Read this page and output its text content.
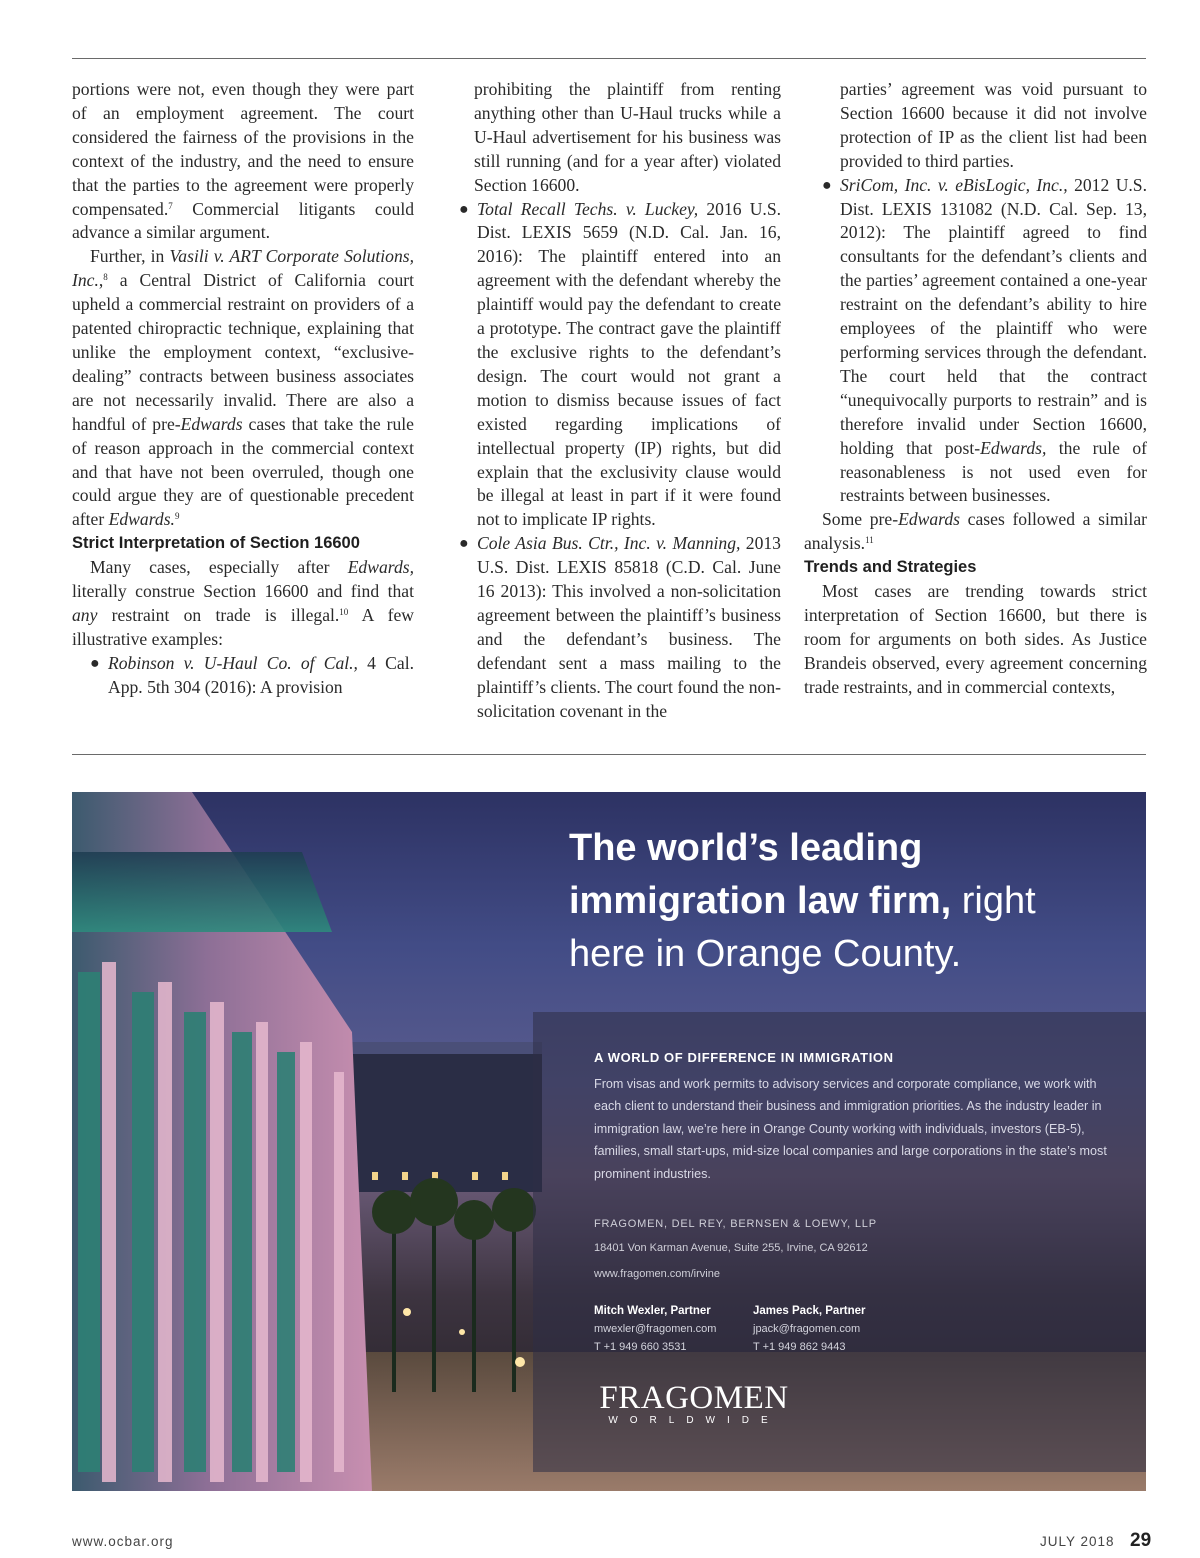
portions were not, even though they were part of an employment agreement. The court considered the fairness of the provisions in the context of the industry, and the need to ensure that the parties to the agreement were properly compensated.$^7$ Commercial litigants could advance a similar argument.

Further, in Vasili v. ART Corporate Solutions, Inc.,$^8$ a Central District of California court upheld a commercial restraint on providers of a patented chiropractic technique, explaining that unlike the employment context, “exclusive-dealing” contracts between business associates are not necessarily invalid. There are also a handful of pre-Edwards cases that take the rule of reason approach in the commercial context and that have not been overruled, though one could argue they are of questionable precedent after Edwards.$^9$

Strict Interpretation of Section 16600

Many cases, especially after Edwards, literally construe Section 16600 and find that any restraint on trade is illegal.$^{10}$ A few illustrative examples:

● Robinson v. U-Haul Co. of Cal., 4 Cal. App. 5th 304 (2016): A provision

prohibiting the plaintiff from renting anything other than U-Haul trucks while a U-Haul advertisement for his business was still running (and for a year after) violated Section 16600.

● Total Recall Techs. v. Luckey, 2016 U.S. Dist. LEXIS 5659 (N.D. Cal. Jan. 16, 2016): The plaintiff entered into an agreement with the defendant whereby the plaintiff would pay the defendant to create a prototype. The contract gave the plaintiff the exclusive rights to the defendant’s design. The court would not grant a motion to dismiss because issues of fact existed regarding implications of intellectual property (IP) rights, but did explain that the exclusivity clause would be illegal at least in part if it were found not to implicate IP rights.

● Cole Asia Bus. Ctr., Inc. v. Manning, 2013 U.S. Dist. LEXIS 85818 (C.D. Cal. June 16 2013): This involved a non-solicitation agreement between the plaintiff’s business and the defendant’s business. The defendant sent a mass mailing to the plaintiff’s clients. The court found the non-solicitation covenant in the

parties’ agreement was void pursuant to Section 16600 because it did not involve protection of IP as the client list had been provided to third parties.

● SriCom, Inc. v. eBisLogic, Inc., 2012 U.S. Dist. LEXIS 131082 (N.D. Cal. Sep. 13, 2012): The plaintiff agreed to find consultants for the defendant’s clients and the parties’ agreement contained a one-year restraint on the defendant’s ability to hire employees of the plaintiff who were performing services through the defendant. The court held that the contract “unequivocally purports to restrain” and is therefore invalid under Section 16600, holding that post-Edwards, the rule of reasonableness is not used even for restraints between businesses.

Some pre-Edwards cases followed a similar analysis.$^{11}$

Trends and Strategies

Most cases are trending towards strict interpretation of Section 16600, but there is room for arguments on both sides. As Justice Brandeis observed, every agreement concerning trade restraints, and in commercial contexts,

The world’s leading
immigration law firm, right
here in Orange County.
A WORLD OF DIFFERENCE IN IMMIGRATION
From visas and work permits to advisory services and corporate compliance, we work with each client to understand their business and immigration priorities. As the industry leader in immigration law, we’re here in Orange County working with individuals, investors (EB-5), families, small start-ups, mid-size local companies and large corporations in the state’s most prominent industries.
FRAGOMEN, DEL REY, BERNSEN & LOEWY, LLP
18401 Von Karman Avenue, Suite 255, Irvine, CA 92612
www.fragomen.com/irvine
Mitch Wexler, Partner
mwexler@fragomen.com
T +1 949 660 3531
James Pack, Partner
jpack@fragomen.com
T +1 949 862 9443
FRAGOMEN
WORLDWIDE
www.ocbar.org	JULY 2018 29
